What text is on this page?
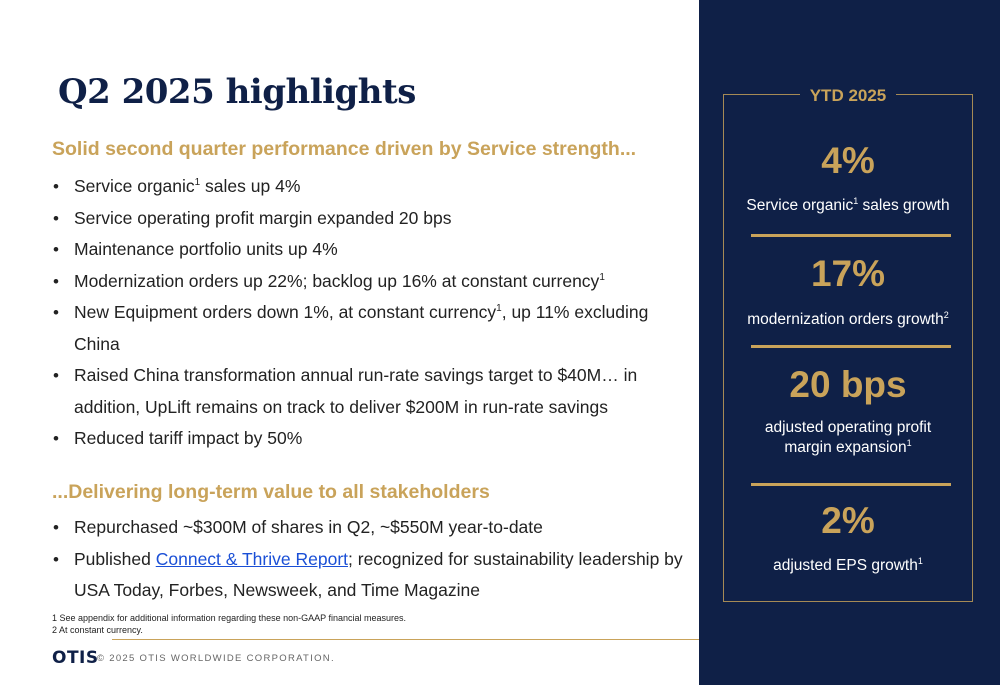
Q2 2025 highlights
Solid second quarter performance driven by Service strength...
• Service organic$^1$ sales up 4%
• Service operating profit margin expanded 20 bps
• Maintenance portfolio units up 4%
• Modernization orders up 22%; backlog up 16% at constant currency$^1$
• New Equipment orders down 1%, at constant currency$^1$, up 11% excluding China
• Raised China transformation annual run-rate savings target to $40M… in addition, UpLift remains on track to deliver $200M in run-rate savings
• Reduced tariff impact by 50%
...Delivering long-term value to all stakeholders
• Repurchased ~$300M of shares in Q2, ~$550M year-to-date
• Published Connect & Thrive Report; recognized for sustainability leadership by USA Today, Forbes, Newsweek, and Time Magazine
1 See appendix for additional information regarding these non-GAAP financial measures.
2 At constant currency.
OTIS
© 2025 OTIS WORLDWIDE CORPORATION.
YTD 2025
4%
Service organic$^1$ sales growth
17%
modernization orders growth$^2$
20 bps
adjusted operating profit margin expansion$^1$
2%
adjusted EPS growth$^1$
